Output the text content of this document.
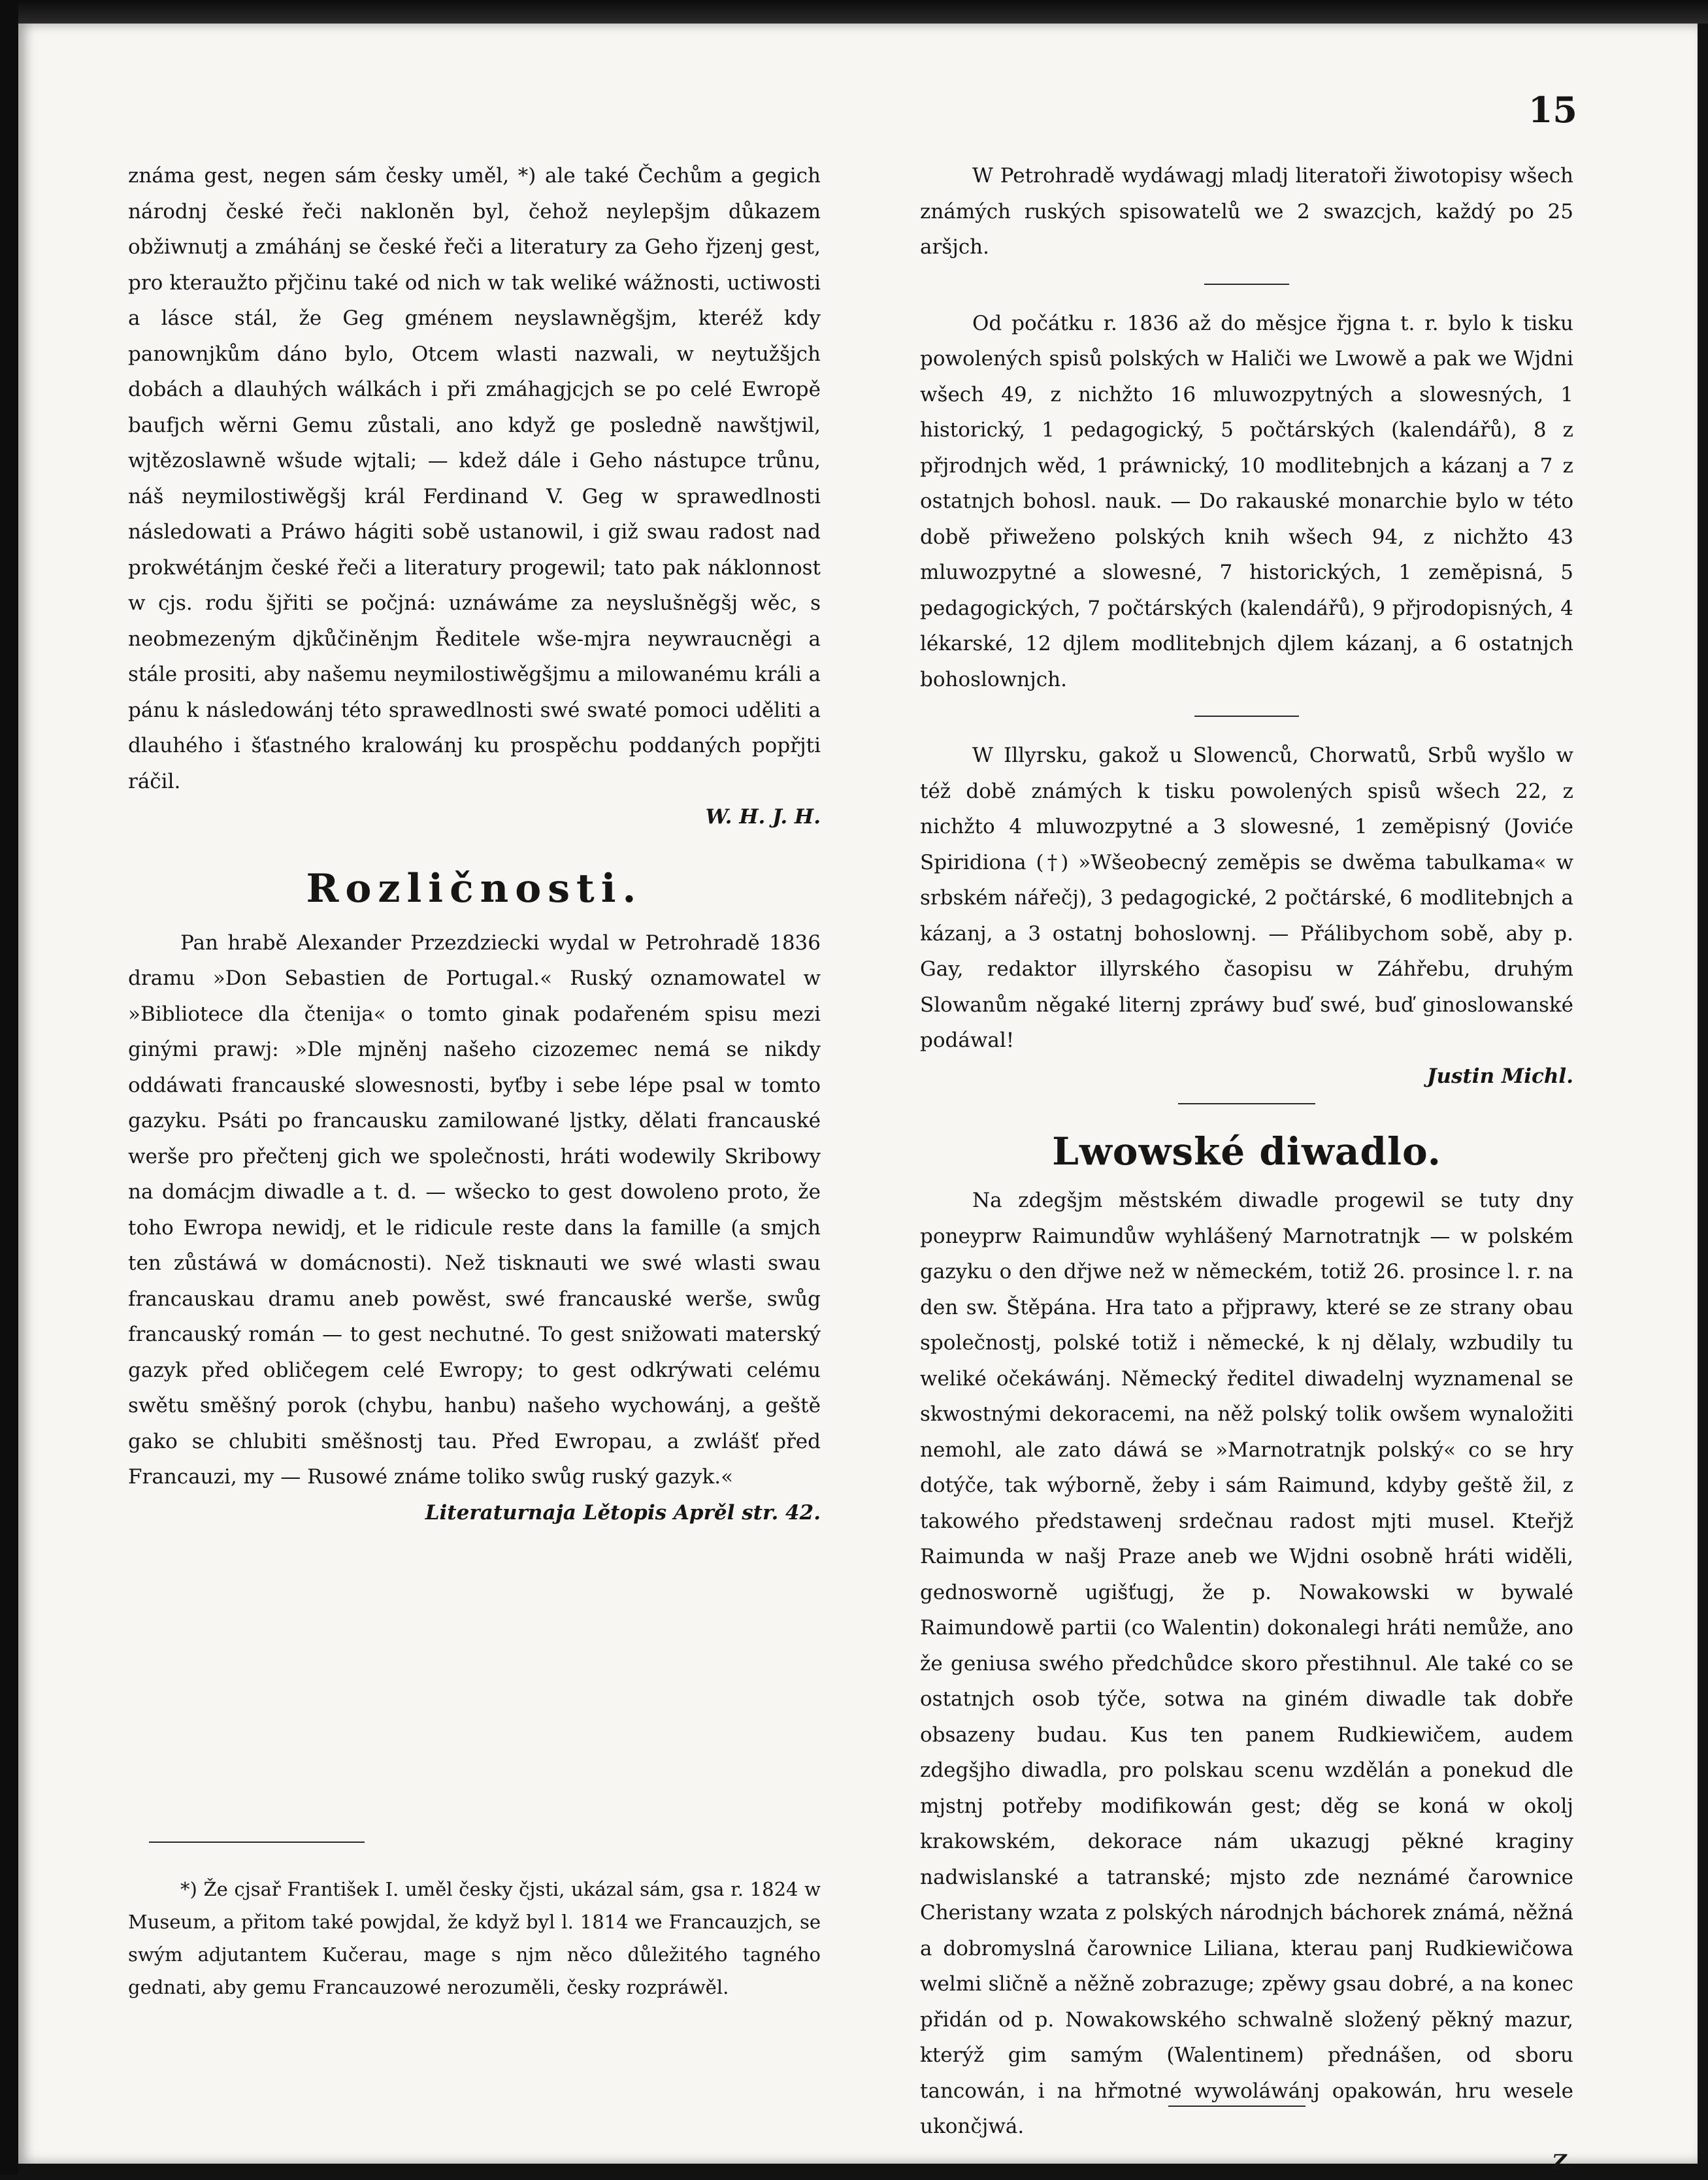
15

známa gest, negen sám česky uměl, *) ale také Čechům a gegich národnj české řeči nakloněn byl, čehož neylepšjm důkazem obžiwnutj a zmáhánj se české řeči a literatury za Geho řjzenj gest, pro kteraužto přjčinu také od nich w tak weliké wážnosti, uctiwosti a lásce stál, že Geg gménem neyslawněgšjm, kteréž kdy panownjkům dáno bylo, Otcem wlasti nazwali, w neytužšjch dobách a dlauhých wálkách i při zmáhagjcjch se po celé Ewropě baufjch wěrni Gemu zůstali, ano když ge posledně nawštjwil, wjtězoslawně wšude wjtali; — kdež dále i Geho nástupce trůnu, náš neymilostiwěgšj král Ferdinand V. Geg w sprawedlnosti následowati a Práwo hágiti sobě ustanowil, i giž swau radost nad prokwétánjm české řeči a literatury progewil; tato pak náklonnost w cjs. rodu šjřiti se počjná: uznáwáme za neyslušněgšj wěc, s neobmezeným djkůčiněnjm Ředitele wše-mjra neywraucněgi a stále prositi, aby našemu neymilostiwěgšjmu a milowanému králi a pánu k následowánj této sprawedlnosti swé swaté pomoci uděliti a dlauhého i šťastného kralowánj ku prospěchu poddaných popřjti ráčil.

W. H. J. H.

Rozličnosti.

Pan hrabě Alexander Przezdziecki wydal w Petrohradě 1836 dramu »Don Sebastien de Portugal.« Ruský oznamowatel w »Bibliotece dla čtenija« o tomto ginak podařeném spisu mezi ginými prawj: »Dle mjněnj našeho cizozemec nemá se nikdy oddáwati francauské slowesnosti, byťby i sebe lépe psal w tomto gazyku. Psáti po francausku zamilowané ljstky, dělati francauské werše pro přečtenj gich we společnosti, hráti wodewily Skribowy na domácjm diwadle a t. d. — wšecko to gest dowoleno proto, že toho Ewropa newidj, et le ridicule reste dans la famille (a smjch ten zůstáwá w domácnosti). Než tisknauti we swé wlasti swau francauskau dramu aneb powěst, swé francauské werše, swůg francauský román — to gest nechutné. To gest snižowati materský gazyk před obličegem celé Ewropy; to gest odkrýwati celému swětu směšný porok (chybu, hanbu) našeho wychowánj, a geště gako se chlubiti směšnostj tau. Před Ewropau, a zwlášť před Francauzi, my — Rusowé známe toliko swůg ruský gazyk.«

Literaturnaja Lětopis Aprěl str. 42.

*) Že cjsař František I. uměl česky čjsti, ukázal sám, gsa r. 1824 w Museum, a přitom také powjdal, že když byl l. 1814 we Francauzjch, se swým adjutantem Kučerau, mage s njm něco důležitého tagného gednati, aby gemu Francauzowé nerozuměli, česky rozpráwěl.

W Petrohradě wydáwagj mladj literatoři žiwotopisy wšech známých ruských spisowatelů we 2 swazcjch, každý po 25 aršjch.

Od počátku r. 1836 až do měsjce řjgna t. r. bylo k tisku powolených spisů polských w Haliči we Lwowě a pak we Wjdni wšech 49, z nichžto 16 mluwozpytných a slowesných, 1 historický, 1 pedagogický, 5 počtárských (kalendářů), 8 z přjrodnjch wěd, 1 práwnický, 10 modlitebnjch a kázanj a 7 z ostatnjch bohosl. nauk. — Do rakauské monarchie bylo w této době přiweženo polských knih wšech 94, z nichžto 43 mluwozpytné a slowesné, 7 historických, 1 zeměpisná, 5 pedagogických, 7 počtárských (kalendářů), 9 přjrodopisných, 4 lékarské, 12 djlem modlitebnjch djlem kázanj, a 6 ostatnjch bohoslownjch.

W Illyrsku, gakož u Slowenců, Chorwatů, Srbů wyšlo w též době známých k tisku powolených spisů wšech 22, z nichžto 4 mluwozpytné a 3 slowesné, 1 zeměpisný (Joviće Spiridiona (†) »Wšeobecný zeměpis se dwěma tabulkama« w srbském nářečj), 3 pedagogické, 2 počtárské, 6 modlitebnjch a kázanj, a 3 ostatnj bohoslownj. — Přálibychom sobě, aby p. Gay, redaktor illyrského časopisu w Záhřebu, druhým Slowanům něgaké liternj zpráwy buď swé, buď ginoslowanské podáwal!

Justin Michl.

Lwowské diwadlo.

Na zdegšjm městském diwadle progewil se tuty dny poneyprw Raimundůw wyhlášený Marnotratnjk — w polském gazyku o den dřjwe než w německém, totiž 26. prosince l. r. na den sw. Štěpána. Hra tato a přjprawy, které se ze strany obau společnostj, polské totiž i německé, k nj dělaly, wzbudily tu weliké očekáwánj. Německý ředitel diwadelnj wyznamenal se skwostnými dekoracemi, na něž polský tolik owšem wynaložiti nemohl, ale zato dáwá se »Marnotratnjk polský« co se hry dotýče, tak wýborně, žeby i sám Raimund, kdyby geště žil, z takowého předstawenj srdečnau radost mjti musel. Kteřjž Raimunda w našj Praze aneb we Wjdni osobně hráti widěli, gednosworně ugišťugj, že p. Nowakowski w bywalé Raimundowě partii (co Walentin) dokonalegi hráti nemůže, ano že geniusa swého předchůdce skoro přestihnul. Ale také co se ostatnjch osob týče, sotwa na giném diwadle tak dobře obsazeny budau. Kus ten panem Rudkiewičem, audem zdegšjho diwadla, pro polskau scenu wzdělán a ponekud dle mjstnj potřeby modifikowán gest; děg se koná w okolj krakowském, dekorace nám ukazugj pěkné kraginy nadwislanské a tatranské; mjsto zde neznámé čarownice Cheristany wzata z polských národnjch báchorek známá, něžná a dobromyslná čarownice Liliana, kterau panj Rudkiewičowa welmi sličně a něžně zobrazuge; zpěwy gsau dobré, a na konec přidán od p. Nowakowského schwalně složený pěkný mazur, kterýž gim samým (Walentinem) přednášen, od sboru tancowán, i na hřmotné wywoláwánj opakowán, hru wesele ukončjwá.

Z.
